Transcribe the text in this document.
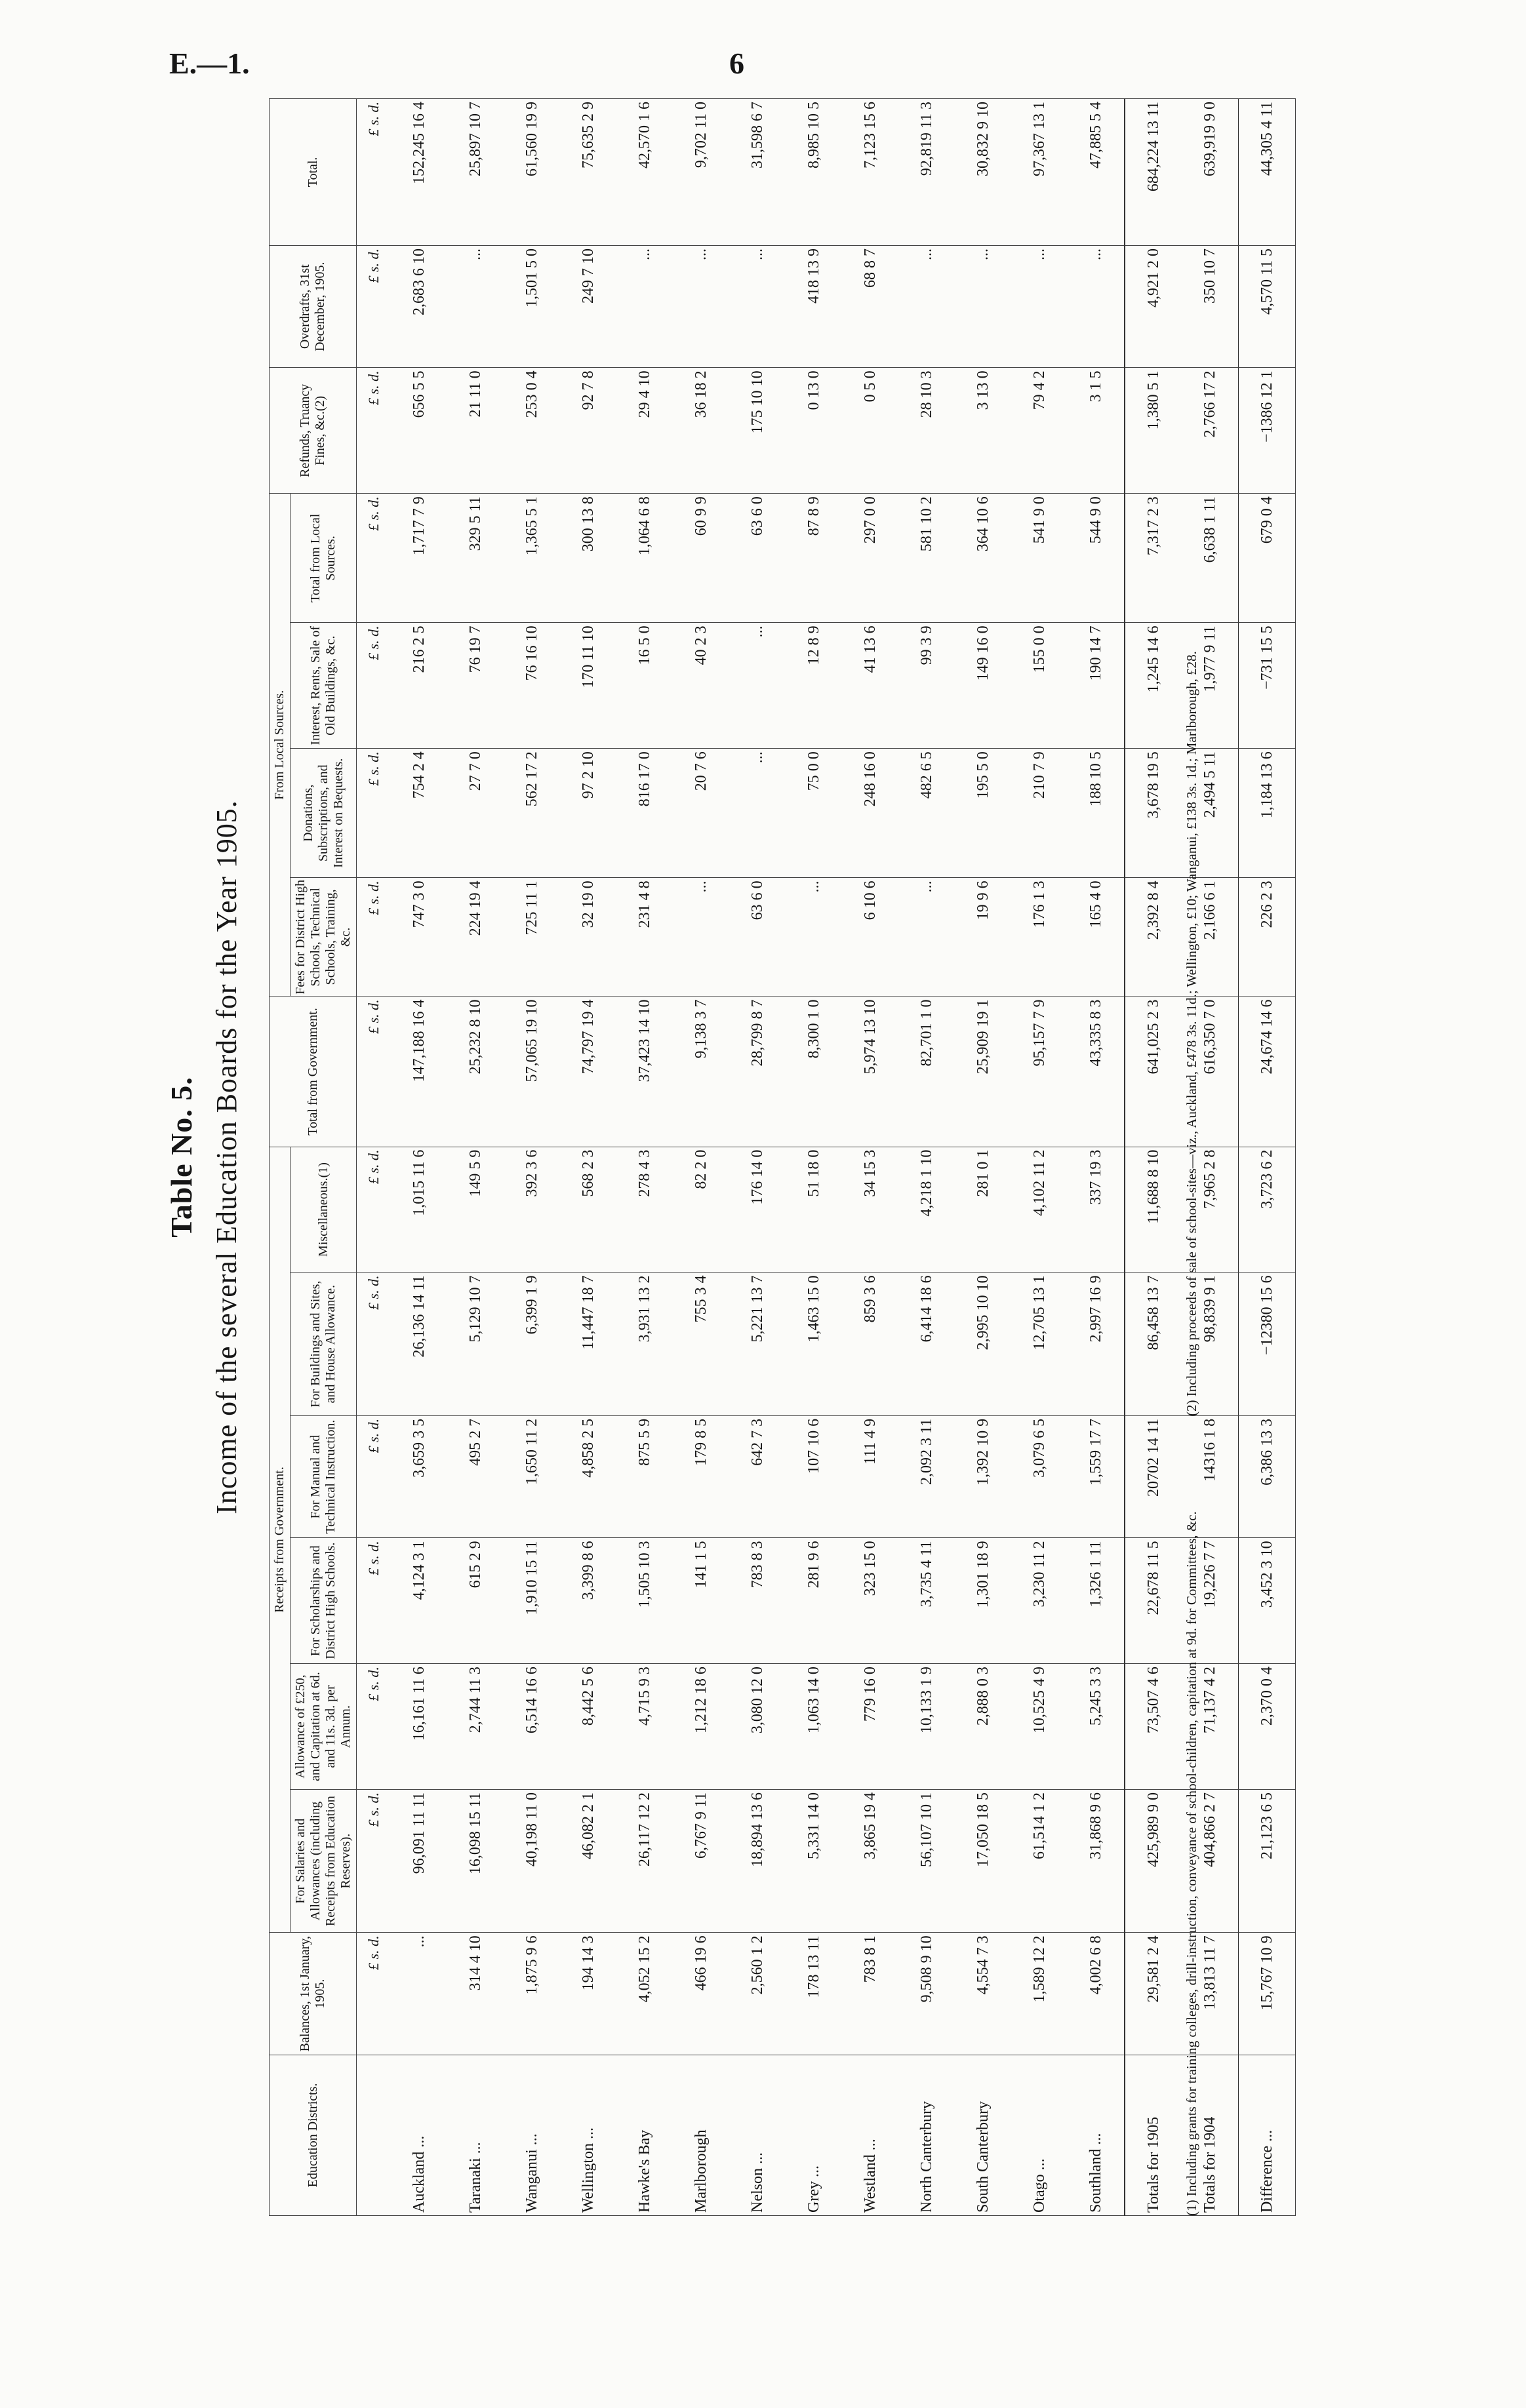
E.—1.	6
Table No. 5. Income of the several Education Boards for the Year 1905.
Education Districts.	Balances, 1st January, 1905.	Receipts from Government.						Total from Government.	From Local Sources.				Refunds, Truancy Fines, &c.(2)	Overdrafts, 31st December, 1905.	Total.
		For Salaries and Allowances (including Receipts from Education Reserves).	Allowance of £250, and Capitation at 6d. and 11s. 3d. per Annum.	For Scholarships and District High Schools.	For Manual and Technical Instruction.	For Buildings and Sites, and House Allowance.	Miscellaneous.(1)		Fees for District High Schools, Technical Schools, Training, &c.	Donations, Subscriptions, and Interest on Bequests.	Interest, Rents, Sale of Old Buildings, &c.	Total from Local Sources.			
	£ s. d.	£ s. d.	£ s. d.	£ s. d.	£ s. d.	£ s. d.	£ s. d.	£ s. d.	£ s. d.	£ s. d.	£ s. d.	£ s. d.	£ s. d.	£ s. d.	£ s. d.
Auckland ...	...	96,091 11 11	16,161 11 6	4,124 3 1	3,659 3 5	26,136 14 11	1,015 11 6	147,188 16 4	747 3 0	754 2 4	216 2 5	1,717 7 9	656 5 5	2,683 6 10	152,245 16 4
Taranaki ...	314 4 10	16,098 15 11	2,744 11 3	615 2 9	495 2 7	5,129 10 7	149 5 9	25,232 8 10	224 19 4	27 7 0	76 19 7	329 5 11	21 11 0	...	25,897 10 7
Wanganui ...	1,875 9 6	40,198 11 0	6,514 16 6	1,910 15 11	1,650 11 2	6,399 1 9	392 3 6	57,065 19 10	725 11 1	562 17 2	76 16 10	1,365 5 1	253 0 4	1,501 5 0	61,560 19 9
Wellington ...	194 14 3	46,082 2 1	8,442 5 6	3,399 8 6	4,858 2 5	11,447 18 7	568 2 3	74,797 19 4	32 19 0	97 2 10	170 11 10	300 13 8	92 7 8	249 7 10	75,635 2 9
Hawke's Bay	4,052 15 2	26,117 12 2	4,715 9 3	1,505 10 3	875 5 9	3,931 13 2	278 4 3	37,423 14 10	231 4 8	816 17 0	16 5 0	1,064 6 8	29 4 10	...	42,570 1 6
Marlborough	466 19 6	6,767 9 11	1,212 18 6	141 1 5	179 8 5	755 3 4	82 2 0	9,138 3 7	...	20 7 6	40 2 3	60 9 9	36 18 2	...	9,702 11 0
Nelson ...	2,560 1 2	18,894 13 6	3,080 12 0	783 8 3	642 7 3	5,221 13 7	176 14 0	28,799 8 7	63 6 0	...	...	63 6 0	175 10 10	...	31,598 6 7
Grey ...	178 13 11	5,331 14 0	1,063 14 0	281 9 6	107 10 6	1,463 15 0	51 18 0	8,300 1 0	...	75 0 0	12 8 9	87 8 9	0 13 0	418 13 9	8,985 10 5
Westland ...	783 8 1	3,865 19 4	779 16 0	323 15 0	111 4 9	859 3 6	34 15 3	5,974 13 10	6 10 6	248 16 0	41 13 6	297 0 0	0 5 0	68 8 7	7,123 15 6
North Canterbury	9,508 9 10	56,107 10 1	10,133 1 9	3,735 4 11	2,092 3 11	6,414 18 6	4,218 1 10	82,701 1 0	...	482 6 5	99 3 9	581 10 2	28 10 3	...	92,819 11 3
South Canterbury	4,554 7 3	17,050 18 5	2,888 0 3	1,301 18 9	1,392 10 9	2,995 10 10	281 0 1	25,909 19 1	19 9 6	195 5 0	149 16 0	364 10 6	3 13 0	...	30,832 9 10
Otago ...	1,589 12 2	61,514 1 2	10,525 4 9	3,230 11 2	3,079 6 5	12,705 13 1	4,102 11 2	95,157 7 9	176 1 3	210 7 9	155 0 0	541 9 0	79 4 2	...	97,367 13 1
Southland ...	4,002 6 8	31,868 9 6	5,245 3 3	1,326 1 11	1,559 17 7	2,997 16 9	337 19 3	43,335 8 3	165 4 0	188 10 5	190 14 7	544 9 0	3 1 5	...	47,885 5 4
Totals for 1905	29,581 2 4	425,989 9 0	73,507 4 6	22,678 11 5	20702 14 11	86,458 13 7	11,688 8 10	641,025 2 3	2,392 8 4	3,678 19 5	1,245 14 6	7,317 2 3	1,380 5 1	4,921 2 0	684,224 13 11
Totals for 1904	13,813 11 7	404,866 2 7	71,137 4 2	19,226 7 7	14316 1 8	98,839 9 1	7,965 2 8	616,350 7 0	2,166 6 1	2,494 5 11	1,977 9 11	6,638 1 11	2,766 17 2	350 10 7	639,919 9 0
Difference ...	15,767 10 9	21,123 6 5	2,370 0 4	3,452 3 10	6,386 13 3	−12380 15 6	3,723 6 2	24,674 14 6	226 2 3	1,184 13 6	−731 15 5	679 0 4	−1386 12 1	4,570 11 5	44,305 4 11
(1) Including grants for training colleges, drill-instruction, conveyance of school-children, capitation at 9d. for Committees, &c. (2) Including proceeds of sale of school-sites—viz., Auckland, £478 3s. 11d.; Wellington, £10; Wanganui, £138 3s. 1d.; Marlborough, £28.
